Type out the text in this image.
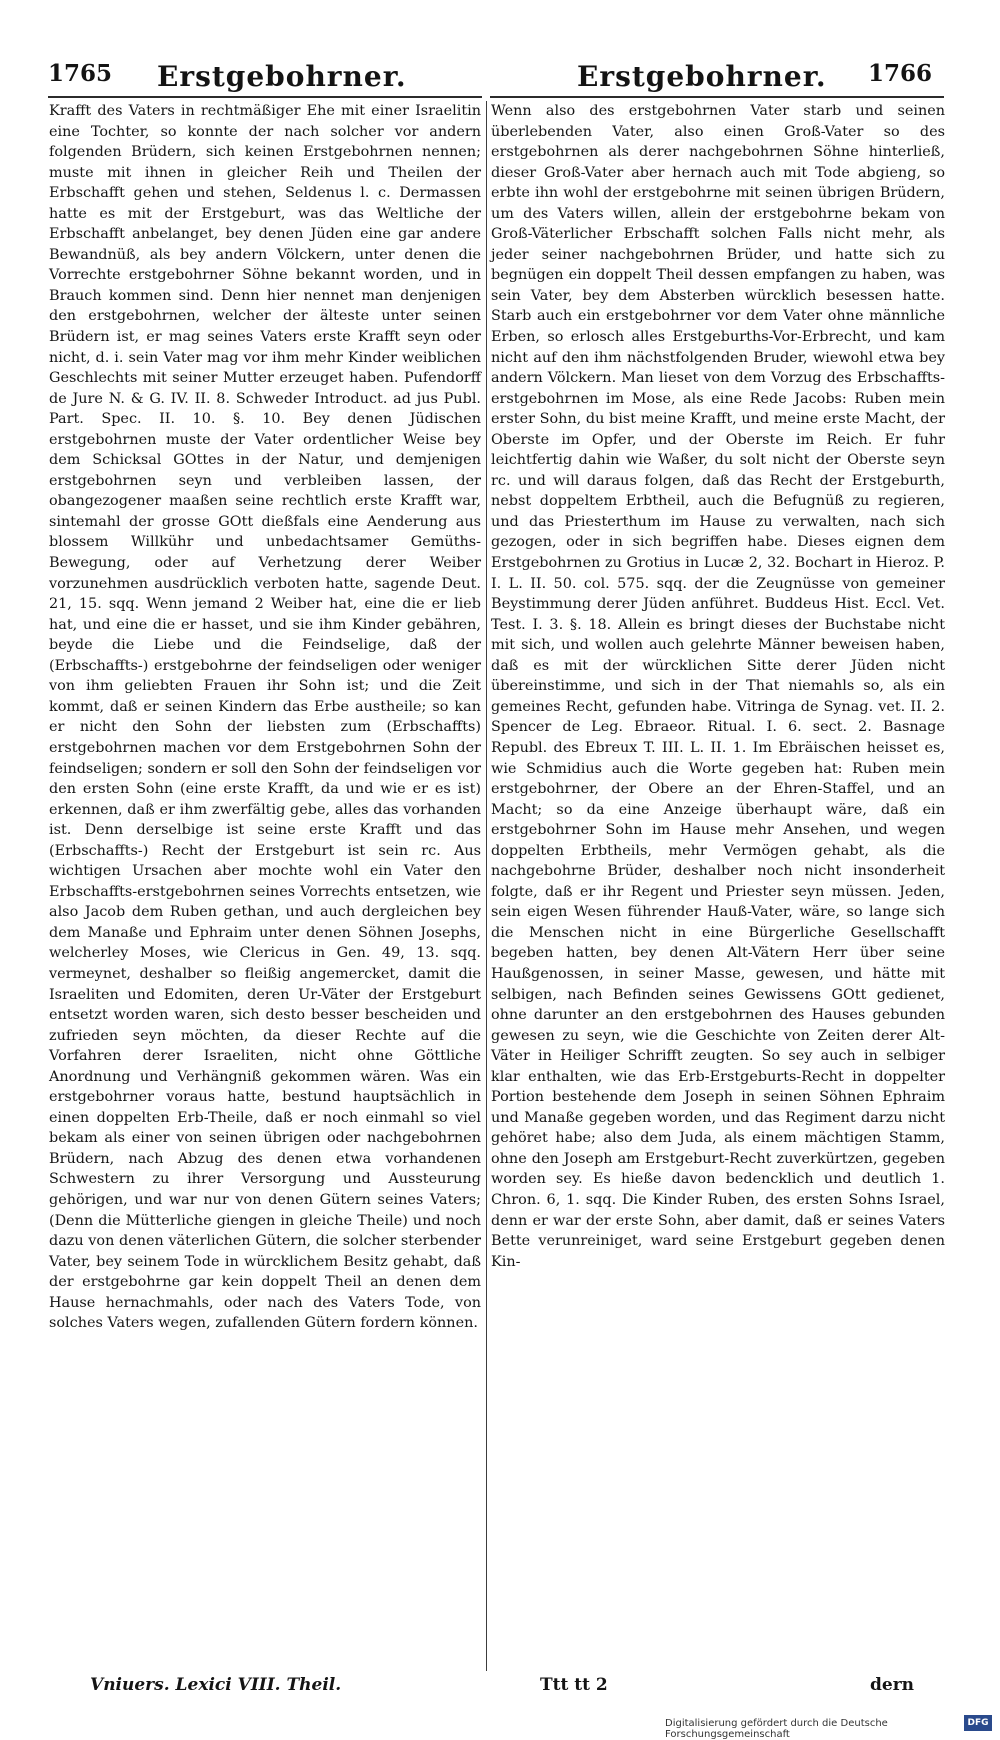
1765 Erstgebohrner.	Erstgebohrner. 1766
Krafft des Vaters in rechtmäßiger Ehe mit einer Israelitin eine Tochter, so konnte der nach solcher vor andern folgenden Brüdern, sich keinen Erstgebohrnen nennen; muste mit ihnen in gleicher Reih und Theilen der Erbschafft gehen und stehen, Seldenus l. c. Dermassen hatte es mit der Erstgeburt, was das Weltliche der Erbschafft anbelanget, bey denen Jüden eine gar andere Bewandnüß, als bey andern Völckern, unter denen die Vorrechte erstgebohrner Söhne bekannt worden, und in Brauch kommen sind. Denn hier nennet man denjenigen den erstgebohrnen, welcher der älteste unter seinen Brüdern ist, er mag seines Vaters erste Krafft seyn oder nicht, d. i. sein Vater mag vor ihm mehr Kinder weiblichen Geschlechts mit seiner Mutter erzeuget haben. Pufendorff de Jure N. & G. IV. II. 8. Schweder Introduct. ad jus Publ. Part. Spec. II. 10. §. 10. Bey denen Jüdischen erstgebohrnen muste der Vater ordentlicher Weise bey dem Schicksal GOttes in der Natur, und demjenigen erstgebohrnen seyn und verbleiben lassen, der obangezogener maaßen seine rechtlich erste Krafft war, sintemahl der grosse GOtt dießfals eine Aenderung aus blossem Willkühr und unbedachtsamer Gemüths-Bewegung, oder auf Verhetzung derer Weiber vorzunehmen ausdrücklich verboten hatte, sagende Deut. 21, 15. sqq. Wenn jemand 2 Weiber hat, eine die er lieb hat, und eine die er hasset, und sie ihm Kinder gebähren, beyde die Liebe und die Feindselige, daß der (Erbschaffts-) erstgebohrne der feindseligen oder weniger von ihm geliebten Frauen ihr Sohn ist; und die Zeit kommt, daß er seinen Kindern das Erbe austheile; so kan er nicht den Sohn der liebsten zum (Erbschaffts) erstgebohrnen machen vor dem Erstgebohrnen Sohn der feindseligen; sondern er soll den Sohn der feindseligen vor den ersten Sohn (eine erste Krafft, da und wie er es ist) erkennen, daß er ihm zwerfältig gebe, alles das vorhanden ist. Denn derselbige ist seine erste Krafft und das (Erbschaffts-) Recht der Erstgeburt ist sein rc. Aus wichtigen Ursachen aber mochte wohl ein Vater den Erbschaffts-erstgebohrnen seines Vorrechts entsetzen, wie also Jacob dem Ruben gethan, und auch dergleichen bey dem Manaße und Ephraim unter denen Söhnen Josephs, welcherley Moses, wie Clericus in Gen. 49, 13. sqq. vermeynet, deshalber so fleißig angemercket, damit die Israeliten und Edomiten, deren Ur-Väter der Erstgeburt entsetzt worden waren, sich desto besser bescheiden und zufrieden seyn möchten, da dieser Rechte auf die Vorfahren derer Israeliten, nicht ohne Göttliche Anordnung und Verhängniß gekommen wären. Was ein erstgebohrner voraus hatte, bestund hauptsächlich in einen doppelten Erb-Theile, daß er noch einmahl so viel bekam als einer von seinen übrigen oder nachgebohrnen Brüdern, nach Abzug des denen etwa vorhandenen Schwestern zu ihrer Versorgung und Aussteurung gehörigen, und war nur von denen Gütern seines Vaters; (Denn die Mütterliche giengen in gleiche Theile) und noch dazu von denen väterlichen Gütern, die solcher sterbender Vater, bey seinem Tode in würcklichem Besitz gehabt, daß der erstgebohrne gar kein doppelt Theil an denen dem Hause hernachmahls, oder nach des Vaters Tode, von solches Vaters wegen, zufallenden Gütern fordern können.
Wenn also des erstgebohrnen Vater starb und seinen überlebenden Vater, also einen Groß-Vater so des erstgebohrnen als derer nachgebohrnen Söhne hinterließ, dieser Groß-Vater aber hernach auch mit Tode abgieng, so erbte ihn wohl der erstgebohrne mit seinen übrigen Brüdern, um des Vaters willen, allein der erstgebohrne bekam von Groß-Väterlicher Erbschafft solchen Falls nicht mehr, als jeder seiner nachgebohrnen Brüder, und hatte sich zu begnügen ein doppelt Theil dessen empfangen zu haben, was sein Vater, bey dem Absterben würcklich besessen hatte. Starb auch ein erstgebohrner vor dem Vater ohne männliche Erben, so erlosch alles Erstgeburths-Vor-Erbrecht, und kam nicht auf den ihm nächstfolgenden Bruder, wiewohl etwa bey andern Völckern. Man lieset von dem Vorzug des Erbschaffts-erstgebohrnen im Mose, als eine Rede Jacobs: Ruben mein erster Sohn, du bist meine Krafft, und meine erste Macht, der Oberste im Opfer, und der Oberste im Reich. Er fuhr leichtfertig dahin wie Waßer, du solt nicht der Oberste seyn rc. und will daraus folgen, daß das Recht der Erstgeburth, nebst doppeltem Erbtheil, auch die Befugnüß zu regieren, und das Priesterthum im Hause zu verwalten, nach sich gezogen, oder in sich begriffen habe. Dieses eignen dem Erstgebohrnen zu Grotius in Lucæ 2, 32. Bochart in Hieroz. P. I. L. II. 50. col. 575. sqq. der die Zeugnüsse von gemeiner Beystimmung derer Jüden anführet. Buddeus Hist. Eccl. Vet. Test. I. 3. §. 18. Allein es bringt dieses der Buchstabe nicht mit sich, und wollen auch gelehrte Männer beweisen haben, daß es mit der würcklichen Sitte derer Jüden nicht übereinstimme, und sich in der That niemahls so, als ein gemeines Recht, gefunden habe. Vitringa de Synag. vet. II. 2. Spencer de Leg. Ebraeor. Ritual. I. 6. sect. 2. Basnage Republ. des Ebreux T. III. L. II. 1. Im Ebräischen heisset es, wie Schmidius auch die Worte gegeben hat: Ruben mein erstgebohrner, der Obere an der Ehren-Staffel, und an Macht; so da eine Anzeige überhaupt wäre, daß ein erstgebohrner Sohn im Hause mehr Ansehen, und wegen doppelten Erbtheils, mehr Vermögen gehabt, als die nachgebohrne Brüder, deshalber noch nicht insonderheit folgte, daß er ihr Regent und Priester seyn müssen. Jeden, sein eigen Wesen führender Hauß-Vater, wäre, so lange sich die Menschen nicht in eine Bürgerliche Gesellschafft begeben hatten, bey denen Alt-Vätern Herr über seine Haußgenossen, in seiner Masse, gewesen, und hätte mit selbigen, nach Befinden seines Gewissens GOtt gedienet, ohne darunter an den erstgebohrnen des Hauses gebunden gewesen zu seyn, wie die Geschichte von Zeiten derer Alt-Väter in Heiliger Schrifft zeugten. So sey auch in selbiger klar enthalten, wie das Erb-Erstgeburts-Recht in doppelter Portion bestehende dem Joseph in seinen Söhnen Ephraim und Manaße gegeben worden, und das Regiment darzu nicht gehöret habe; also dem Juda, als einem mächtigen Stamm, ohne den Joseph am Erstgeburt-Recht zuverkürtzen, gegeben worden sey. Es hieße davon bedencklich und deutlich 1. Chron. 6, 1. sqq. Die Kinder Ruben, des ersten Sohns Israel, denn er war der erste Sohn, aber damit, daß er seines Vaters Bette verunreiniget, ward seine Erstgeburt gegeben denen Kin-
Vniuers. Lexici VIII. Theil.	Ttt tt 2	dern
Digitalisierung gefördert durch die Deutsche Forschungsgemeinschaft
DFG
